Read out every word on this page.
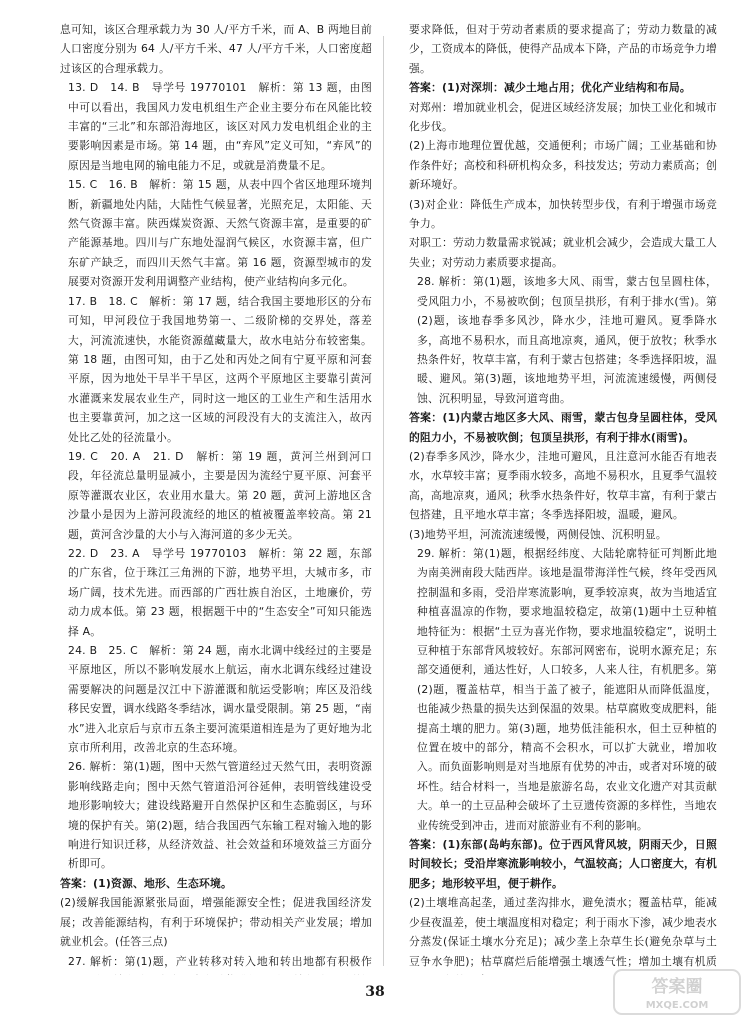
息可知，该区合理承载力为 30 人/平方千米，而 A、B 两地目前人口密度分别为 64 人/平方千米、47 人/平方千米，人口密度超过该区的合理承载力。

13. D　14. B　导学号 19770101　解析：第 13 题，由图中可以看出，我国风力发电机组生产企业主要分布在风能比较丰富的“三北”和东部沿海地区，该区对风力发电机组企业的主要影响因素是市场。第 14 题，由“弃风”定义可知，“弃风”的原因是当地电网的输电能力不足，或就是消费量不足。

15. C　16. B　解析：第 15 题，从表中四个省区地理环境判断，新疆地处内陆，大陆性气候显著，光照充足，太阳能、天然气资源丰富。陕西煤炭资源、天然气资源丰富，是重要的矿产能源基地。四川与广东地处湿润气候区，水资源丰富，但广东矿产缺乏，而四川天然气丰富。第 16 题，资源型城市的发展要对资源开发利用调整产业结构，使产业结构向多元化。

17. B　18. C　解析：第 17 题，结合我国主要地形区的分布可知，甲河段位于我国地势第一、二级阶梯的交界处，落差大，河流流速快，水能资源蕴藏量大，故水电站分布较密集。第 18 题，由图可知，由于乙处和丙处之间有宁夏平原和河套平原，因为地处干旱半干旱区，这两个平原地区主要靠引黄河水灌溉来发展农业生产，同时这一地区的工业生产和生活用水也主要靠黄河，加之这一区域的河段没有大的支流注入，故丙处比乙处的径流量小。

19. C　20. A　21. D　解析：第 19 题，黄河兰州到河口段，年径流总量明显减小，主要是因为流经宁夏平原、河套平原等灌溉农业区，农业用水量大。第 20 题，黄河上游地区含沙量小是因为上游河段流经的地区的植被覆盖率较高。第 21 题，黄河含沙量的大小与入海河道的多少无关。

22. D　23. A　导学号 19770103　解析：第 22 题，东部的广东省，位于珠江三角洲的下游，地势平坦，大城市多，市场广阔，技术先进。而西部的广西壮族自治区，土地廉价，劳动力成本低。第 23 题，根据题干中的“生态安全”可知只能选择 A。

24. B　25. C　解析：第 24 题，南水北调中线经过的主要是平原地区，所以不影响发展水上航运，南水北调东线经过建设需要解决的问题是汉江中下游灌溉和航运受影响；库区及沿线移民安置，调水线路冬季结冰，调水量受限制。第 25 题，“南水”进入北京后与京市五条主要河流渠道相连是为了更好地为北京市所利用，改善北京的生态环境。

26. 解析：第(1)题，图中天然气管道经过天然气田，表明资源影响线路走向；图中天然气管道沿河谷延伸，表明管线建设受地形影响较大；建设线路避开自然保护区和生态脆弱区，与环境的保护有关。第(2)题，结合我国西气东输工程对输入地的影响进行知识迁移，从经济效益、社会效益和环境效益三方面分析即可。

答案：(1)资源、地形、生态环境。

(2)缓解我国能源紧张局面，增强能源安全性；促进我国经济发展；改善能源结构，有利于环境保护；带动相关产业发展；增加就业机会。(任答三点)

27. 解析：第(1)题，产业转移对转入地和转出地都有积极作

要求降低，但对于劳动者素质的要求提高了；劳动力数量的减少，工资成本的降低，使得产品成本下降，产品的市场竞争力增强。

答案：(1)对深圳：减少土地占用；优化产业结构和布局。

对郑州：增加就业机会，促进区域经济发展；加快工业化和城市化步伐。

(2)上海市地理位置优越，交通便利；市场广阔；工业基础和协作条件好；高校和科研机构众多，科技发达；劳动力素质高；创新环境好。

(3)对企业：降低生产成本，加快转型步伐，有利于增强市场竞争力。

对职工：劳动力数量需求锐减；就业机会减少，会造成大量工人失业；对劳动力素质要求提高。

28. 解析：第(1)题，该地多大风、雨雪，蒙古包呈圆柱体，受风阻力小，不易被吹倒；包顶呈拱形，有利于排水(雪)。第(2)题，该地春季多风沙，降水少，洼地可避风。夏季降水多，高地不易积水，而且高地凉爽，通风，便于放牧；秋季水热条件好，牧草丰富，有利于蒙古包搭建；冬季选择阳坡，温暖、避风。第(3)题，该地地势平坦，河流流速缓慢，两侧侵蚀、沉积明显，导致河道弯曲。

答案：(1)内蒙古地区多大风、雨雪，蒙古包身呈圆柱体，受风的阻力小，不易被吹倒；包顶呈拱形，有利于排水(雨雪)。

(2)春季多风沙，降水少，洼地可避风，且注意河水能否有地表水，水草较丰富；夏季雨水较多，高地不易积水，且夏季气温较高，高地凉爽，通风；秋季水热条件好，牧草丰富，有利于蒙古包搭建，且平地水草丰富；冬季选择阳坡，温暖，避风。

(3)地势平坦，河流流速缓慢，两侧侵蚀、沉积明显。

29. 解析：第(1)题，根据经纬度、大陆轮廓特征可判断此地为南美洲南段大陆西岸。该地是温带海洋性气候，终年受西风控制温和多雨，受沿岸寒流影响，夏季较凉爽，故为当地适宜种植喜温凉的作物，要求地温较稳定，故第(1)题中土豆种植地特征为：根据“土豆为喜光作物，要求地温较稳定”，说明土豆种植于东部背风坡较好。东部河网密布，说明水源充足；东部交通便利，通达性好，人口较多，人来人往，有机肥多。第(2)题，覆盖枯草，相当于盖了被子，能遮阳从而降低温度，也能减少热量的损失达到保温的效果。枯草腐败变成肥料，能提高土壤的肥力。第(3)题，地势低洼能积水，但土豆种植的位置在坡中的部分，精高不会积水，可以扩大就业，增加收入。而负面影响则是对当地原有优势的冲击，或者对环境的破坏性。结合材料一，当地是旅游名岛，农业文化遗产对其贡献大。单一的土豆品种会破坏了土豆遗传资源的多样性，当地农业传统受到冲击，进而对旅游业有不利的影响。

答案：(1)东部(岛屿东部)。位于西风背风坡，阴雨天少，日照时间较长；受沿岸寒流影响较小，气温较高；人口密度大，有机肥多；地形较平坦，便于耕作。

(2)土壤堆高起垄，通过垄沟排水，避免渍水；覆盖枯草，能减少昼夜温差，使土壤温度相对稳定；利于雨水下渗，减少地表水分蒸发(保证土壤水分充足)；减少垄上杂草生长(避免杂草与土豆争水争肥)；枯草腐烂后能增强土壤透气性；增加土壤有机质

38	答案圈
MXQE.COM
